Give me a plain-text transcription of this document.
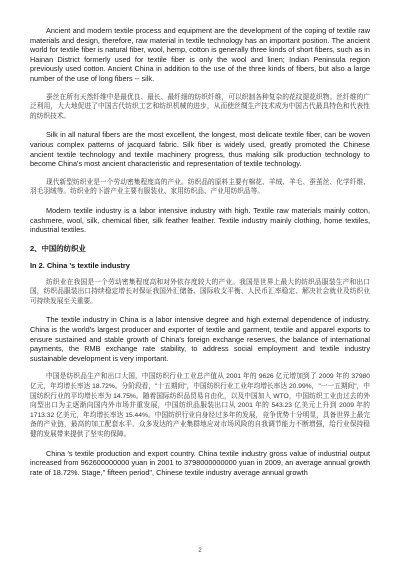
Ancient and modern textile process and equipment are the development of the coping of textile raw materials and design, therefore, raw material in textile technology has an important position. The ancient world for textile fiber is natural fiber, wool, hemp, cotton is generally three kinds of short fibers, such as in Hainan District formerly used for textile fiber is only the wool and linen; Indian Peninsula region previously used cotton. Ancient China in addition to the use of the three kinds of fibers, but also a large number of the use of long fibers -- silk.

蚕丝在所有天然纤维中是最优良、最长、最纤细的纺织纤维，可以织制各种复杂的花纹提花织物。丝纤维的广泛利用，大大地促进了中国古代纺织工艺和纺织机械的进步，从而使丝绸生产技术成为中国古代最具特色和代表性的纺织技术。

Silk in all natural fibers are the most excellent, the longest, most delicate textile fiber, can be woven various complex patterns of jacquard fabric. Silk fiber is widely used, greatly promoted the Chinese ancient textile technology and textile machinery progress, thus making silk production technology to become China's most ancient characteristic and representation of textile technology.

现代新型纺织业是一个劳动密集程度高的产业。纺织品的原料主要有棉花、羊绒、羊毛、蚕茧丝、化学纤维、羽毛羽绒等。纺织业的下游产业主要有服装业、家用纺织品、产业用纺织品等。

Modern textile industry is a labor intensive industry with high. Textile raw materials mainly cotton, cashmere, wool, silk, chemical fiber, silk feather feather. Textile industry mainly clothing, home textiles, industrial textiles.

2、中国的纺织业
In 2. China 's textile industry

纺织业在我国是一个劳动密集程度高和对外依存度较大的产业。我国是世界上最大的纺织品服装生产和出口国，纺织品服装出口持续稳定增长对保证我国外汇储备、国际收支平衡、人民币汇率稳定、解决社会就业及纺织业可持续发展至关重要。

The textile industry in China is a labor intensive degree and high external dependence of industry. China is the world's largest producer and exporter of textile and garment, textile and apparel exports to ensure sustained and stable growth of China's foreign exchange reserves, the balance of international payments, the RMB exchange rate stability, to address social employment and textile industry sustainable development is very important.

中国是纺织品生产和出口大国，中国纺织行业工业总产值从 2001 年的 9626 亿元增加到了 2009 年的 37980 亿元，年均增长率达 18.72%。分阶段看，"十五期间"，中国纺织行业工业年均增长率达 20.99%，"一一五期间"，中国纺织行业的平均增长率为 14.75%。随着国际纺织品贸易自由化，以及中国加入 WTO，中国纺织工业由过去的外向型出口为主逐渐向国内外市场并重发展，中国纺织品服装出口从 2001 年的 543.23 亿美元上升到 2009 年的 1713.32 亿美元，年均增长率达 15.44%。中国纺织行业自身经过多年的发展，竞争优势十分明显，具备世界上最完备的产业链，最高的加工配套水平，众多发达的产业集群地应对市场风险的自我调节能力不断增强，给行业保持稳健的发展带来提供了坚实的保障。

China 's textile production and export country. China textile industry gross value of industrial output increased from 962600000000 yuan in 2001 to 3798000000000 yuan in 2009, an average annual growth rate of 18.72%. Stage," fifteen period", Chinese textile industry average annual growth

2
